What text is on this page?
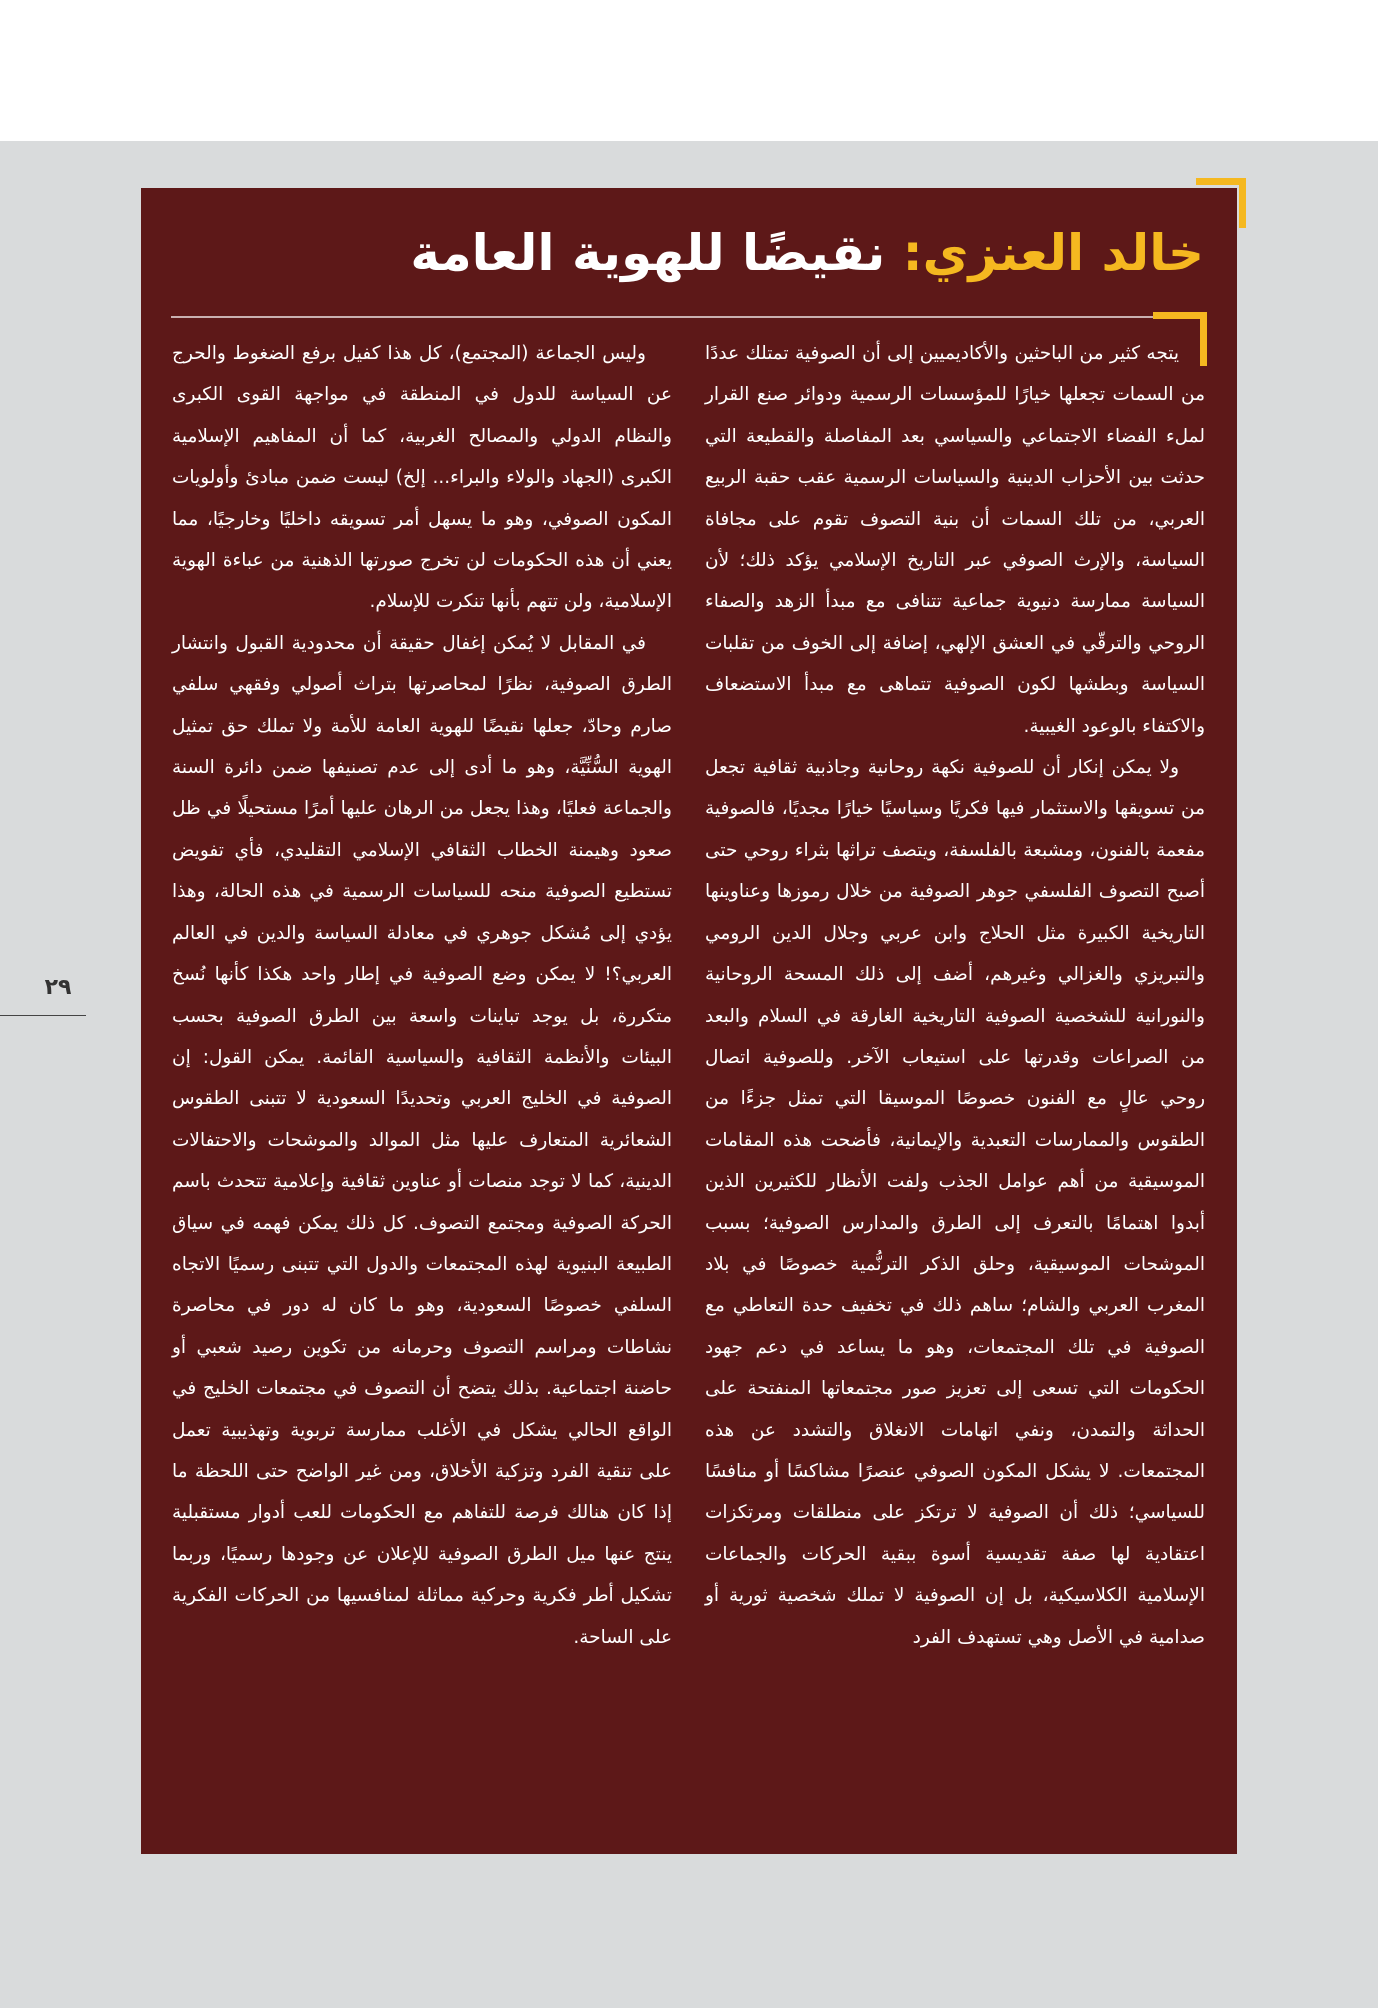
خالد العنزي: نقيضًا للهوية العامة

يتجه كثير من الباحثين والأكاديميين إلى أن الصوفية تمتلك عددًا من السمات تجعلها خيارًا للمؤسسات الرسمية ودوائر صنع القرار لملء الفضاء الاجتماعي والسياسي بعد المفاصلة والقطيعة التي حدثت بين الأحزاب الدينية والسياسات الرسمية عقب حقبة الربيع العربي، من تلك السمات أن بنية التصوف تقوم على مجافاة السياسة، والإرث الصوفي عبر التاريخ الإسلامي يؤكد ذلك؛ لأن السياسة ممارسة دنيوية جماعية تتنافى مع مبدأ الزهد والصفاء الروحي والترقّي في العشق الإلهي، إضافة إلى الخوف من تقلبات السياسة وبطشها لكون الصوفية تتماهى مع مبدأ الاستضعاف والاكتفاء بالوعود الغيبية.

ولا يمكن إنكار أن للصوفية نكهة روحانية وجاذبية ثقافية تجعل من تسويقها والاستثمار فيها فكريًا وسياسيًا خيارًا مجديًا، فالصوفية مفعمة بالفنون، ومشبعة بالفلسفة، ويتصف تراثها بثراء روحي حتى أصبح التصوف الفلسفي جوهر الصوفية من خلال رموزها وعناوينها التاريخية الكبيرة مثل الحلاج وابن عربي وجلال الدين الرومي والتبريزي والغزالي وغيرهم، أضف إلى ذلك المسحة الروحانية والنورانية للشخصية الصوفية التاريخية الغارقة في السلام والبعد من الصراعات وقدرتها على استيعاب الآخر. وللصوفية اتصال روحي عالٍ مع الفنون خصوصًا الموسيقا التي تمثل جزءًا من الطقوس والممارسات التعبدية والإيمانية، فأضحت هذه المقامات الموسيقية من أهم عوامل الجذب ولفت الأنظار للكثيرين الذين أبدوا اهتمامًا بالتعرف إلى الطرق والمدارس الصوفية؛ بسبب الموشحات الموسيقية، وحلق الذكر الترنُّمية خصوصًا في بلاد المغرب العربي والشام؛ ساهم ذلك في تخفيف حدة التعاطي مع الصوفية في تلك المجتمعات، وهو ما يساعد في دعم جهود الحكومات التي تسعى إلى تعزيز صور مجتمعاتها المنفتحة على الحداثة والتمدن، ونفي اتهامات الانغلاق والتشدد عن هذه المجتمعات. لا يشكل المكون الصوفي عنصرًا مشاكسًا أو منافسًا للسياسي؛ ذلك أن الصوفية لا ترتكز على منطلقات ومرتكزات اعتقادية لها صفة تقديسية أسوة ببقية الحركات والجماعات الإسلامية الكلاسيكية، بل إن الصوفية لا تملك شخصية ثورية أو صدامية في الأصل وهي تستهدف الفرد

وليس الجماعة (المجتمع)، كل هذا كفيل برفع الضغوط والحرج عن السياسة للدول في المنطقة في مواجهة القوى الكبرى والنظام الدولي والمصالح الغربية، كما أن المفاهيم الإسلامية الكبرى (الجهاد والولاء والبراء... إلخ) ليست ضمن مبادئ وأولويات المكون الصوفي، وهو ما يسهل أمر تسويقه داخليًا وخارجيًا، مما يعني أن هذه الحكومات لن تخرج صورتها الذهنية من عباءة الهوية الإسلامية، ولن تتهم بأنها تنكرت للإسلام.

في المقابل لا يُمكن إغفال حقيقة أن محدودية القبول وانتشار الطرق الصوفية، نظرًا لمحاصرتها بتراث أصولي وفقهي سلفي صارم وحادّ، جعلها نقيضًا للهوية العامة للأمة ولا تملك حق تمثيل الهوية السُّنِّيَّة، وهو ما أدى إلى عدم تصنيفها ضمن دائرة السنة والجماعة فعليًا، وهذا يجعل من الرهان عليها أمرًا مستحيلًا في ظل صعود وهيمنة الخطاب الثقافي الإسلامي التقليدي، فأي تفويض تستطيع الصوفية منحه للسياسات الرسمية في هذه الحالة، وهذا يؤدي إلى مُشكل جوهري في معادلة السياسة والدين في العالم العربي؟! لا يمكن وضع الصوفية في إطار واحد هكذا كأنها نُسخ متكررة، بل يوجد تباينات واسعة بين الطرق الصوفية بحسب البيئات والأنظمة الثقافية والسياسية القائمة. يمكن القول: إن الصوفية في الخليج العربي وتحديدًا السعودية لا تتبنى الطقوس الشعائرية المتعارف عليها مثل الموالد والموشحات والاحتفالات الدينية، كما لا توجد منصات أو عناوين ثقافية وإعلامية تتحدث باسم الحركة الصوفية ومجتمع التصوف. كل ذلك يمكن فهمه في سياق الطبيعة البنيوية لهذه المجتمعات والدول التي تتبنى رسميًا الاتجاه السلفي خصوصًا السعودية، وهو ما كان له دور في محاصرة نشاطات ومراسم التصوف وحرمانه من تكوين رصيد شعبي أو حاضنة اجتماعية. بذلك يتضح أن التصوف في مجتمعات الخليج في الواقع الحالي يشكل في الأغلب ممارسة تربوية وتهذيبية تعمل على تنقية الفرد وتزكية الأخلاق، ومن غير الواضح حتى اللحظة ما إذا كان هنالك فرصة للتفاهم مع الحكومات للعب أدوار مستقبلية ينتج عنها ميل الطرق الصوفية للإعلان عن وجودها رسميًا، وربما تشكيل أطر فكرية وحركية مماثلة لمنافسيها من الحركات الفكرية على الساحة.

٢٩
